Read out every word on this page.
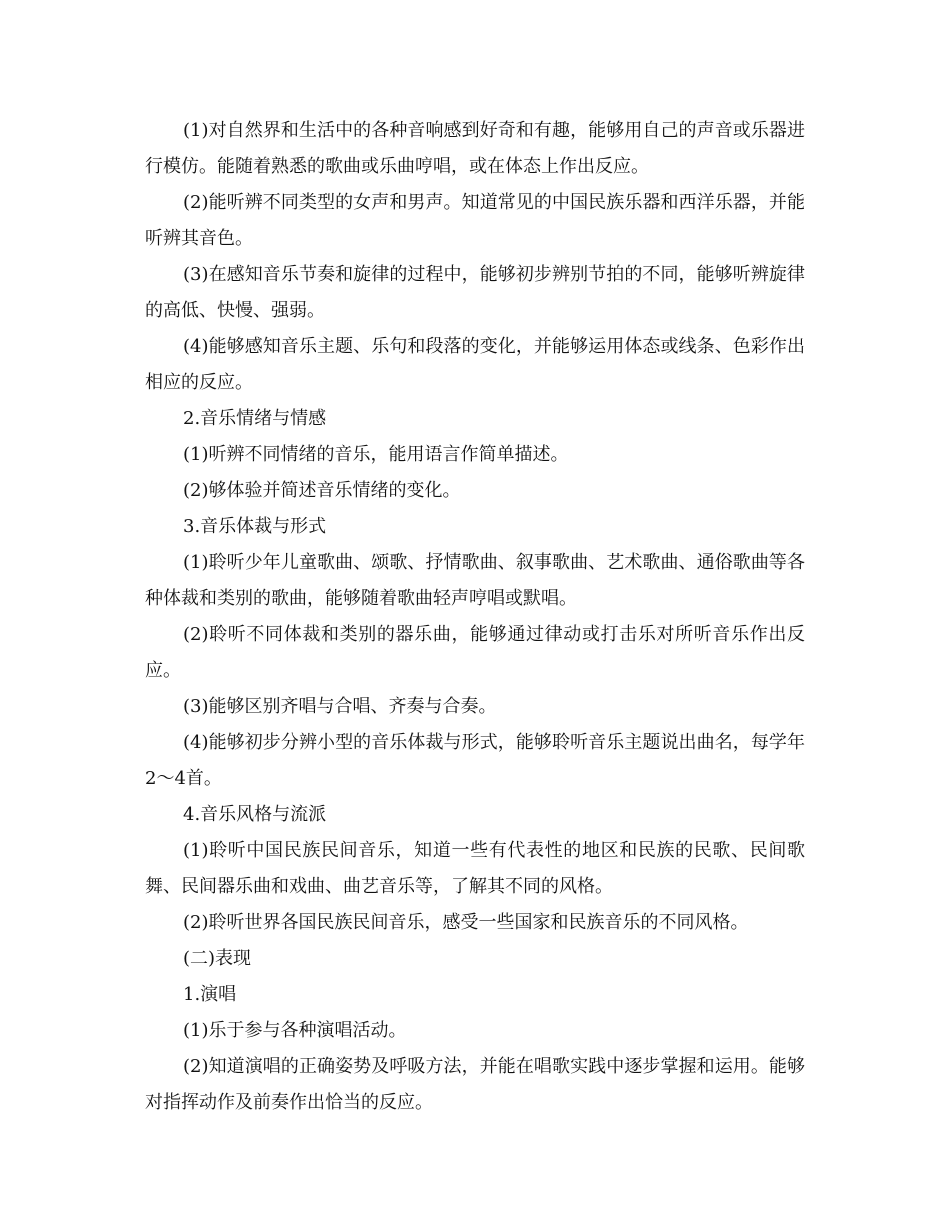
(1)对自然界和生活中的各种音响感到好奇和有趣，能够用自己的声音或乐器进行模仿。能随着熟悉的歌曲或乐曲哼唱，或在体态上作出反应。

(2)能听辨不同类型的女声和男声。知道常见的中国民族乐器和西洋乐器，并能听辨其音色。

(3)在感知音乐节奏和旋律的过程中，能够初步辨别节拍的不同，能够听辨旋律的高低、快慢、强弱。

(4)能够感知音乐主题、乐句和段落的变化，并能够运用体态或线条、色彩作出相应的反应。

2.音乐情绪与情感

(1)听辨不同情绪的音乐，能用语言作简单描述。

(2)够体验并简述音乐情绪的变化。

3.音乐体裁与形式

(1)聆听少年儿童歌曲、颂歌、抒情歌曲、叙事歌曲、艺术歌曲、通俗歌曲等各种体裁和类别的歌曲，能够随着歌曲轻声哼唱或默唱。

(2)聆听不同体裁和类别的器乐曲，能够通过律动或打击乐对所听音乐作出反应。

(3)能够区别齐唱与合唱、齐奏与合奏。

(4)能够初步分辨小型的音乐体裁与形式，能够聆听音乐主题说出曲名，每学年2～4首。

4.音乐风格与流派

(1)聆听中国民族民间音乐，知道一些有代表性的地区和民族的民歌、民间歌舞、民间器乐曲和戏曲、曲艺音乐等，了解其不同的风格。

(2)聆听世界各国民族民间音乐，感受一些国家和民族音乐的不同风格。

(二)表现

1.演唱

(1)乐于参与各种演唱活动。

(2)知道演唱的正确姿势及呼吸方法，并能在唱歌实践中逐步掌握和运用。能够对指挥动作及前奏作出恰当的反应。
